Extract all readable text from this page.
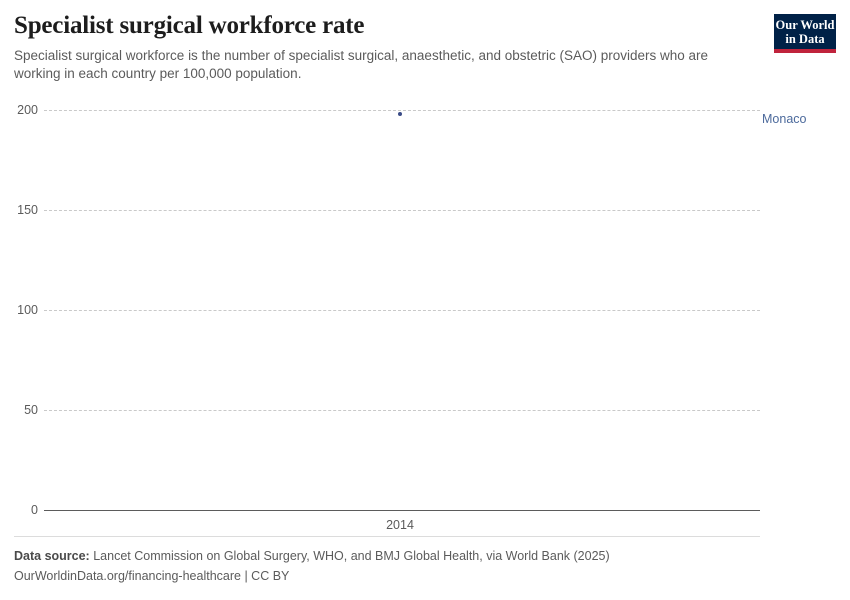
Specialist surgical workforce rate

Specialist surgical workforce is the number of specialist surgical, anaesthetic, and obstetric (SAO) providers who are working in each country per 100,000 population.

Our World
in Data
200
150
100
50
0
2014
Monaco
Data source: Lancet Commission on Global Surgery, WHO, and BMJ Global Health, via World Bank (2025)
OurWorldinData.org/financing-healthcare | CC BY
